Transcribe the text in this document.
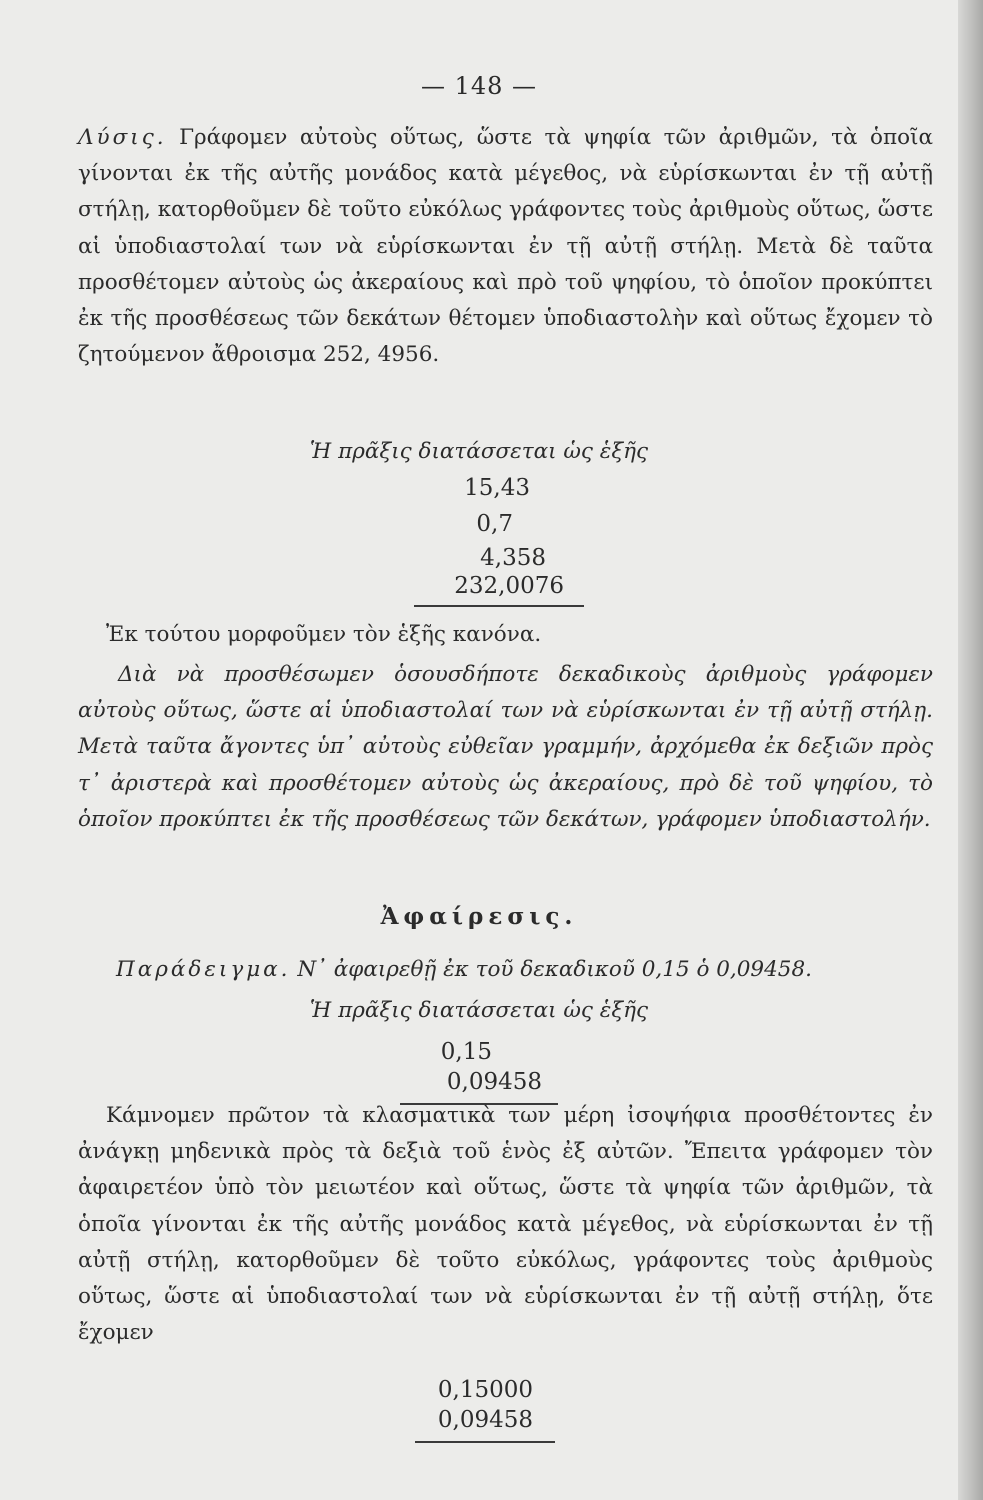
— 148 —
Λύσις. Γράφομεν αὐτοὺς οὕτως, ὥστε τὰ ψηφία τῶν ἀριθμῶν, τὰ ὁποῖα γίνονται ἐκ τῆς αὐτῆς μονάδος κατὰ μέγεθος, νὰ εὑρίσκωνται ἐν τῇ αὐτῇ στήλῃ, κατορθοῦμεν δὲ τοῦτο εὐκόλως γράφοντες τοὺς ἀριθμοὺς οὕτως, ὥστε αἱ ὑποδιαστολαί των νὰ εὑρίσκωνται ἐν τῇ αὐτῇ στήλῃ. Μετὰ δὲ ταῦτα προσθέτομεν αὐτοὺς ὡς ἀκεραίους καὶ πρὸ τοῦ ψηφίου, τὸ ὁποῖον προκύπτει ἐκ τῆς προσθέσεως τῶν δεκάτων θέτομεν ὑποδιαστολὴν καὶ οὕτως ἔχομεν τὸ ζητούμενον ἄθροισμα 252, 4956.
Ἡ πρᾶξις διατάσσεται ὡς ἑξῆς
15,43
0,7
4,358
232,0076
Ἐκ τούτου μορφοῦμεν τὸν ἑξῆς κανόνα.
Διὰ νὰ προσθέσωμεν ὁσουσδήποτε δεκαδικοὺς ἀριθμοὺς γράφομεν αὐτοὺς οὕτως, ὥστε αἱ ὑποδιαστολαί των νὰ εὑρίσκωνται ἐν τῇ αὐτῇ στήλῃ. Μετὰ ταῦτα ἄγοντες ὑπ᾽ αὐτοὺς εὐθεῖαν γραμμήν, ἀρχόμεθα ἐκ δεξιῶν πρὸς τ᾽ ἀριστερὰ καὶ προσθέτομεν αὐτοὺς ὡς ἀκεραίους, πρὸ δὲ τοῦ ψηφίου, τὸ ὁποῖον προκύπτει ἐκ τῆς προσθέσεως τῶν δεκάτων, γράφομεν ὑποδιαστολήν.
Ἀφαίρεσις.
Παράδειγμα. Ν᾽ ἀφαιρεθῇ ἐκ τοῦ δεκαδικοῦ 0,15 ὁ 0,09458.
Ἡ πρᾶξις διατάσσεται ὡς ἑξῆς
0,15
0,09458
Κάμνομεν πρῶτον τὰ κλασματικὰ των μέρη ἰσοψήφια προσθέτοντες ἐν ἀνάγκῃ μηδενικὰ πρὸς τὰ δεξιὰ τοῦ ἑνὸς ἐξ αὐτῶν. Ἔπειτα γράφομεν τὸν ἀφαιρετέον ὑπὸ τὸν μειωτέον καὶ οὕτως, ὥστε τὰ ψηφία τῶν ἀριθμῶν, τὰ ὁποῖα γίνονται ἐκ τῆς αὐτῆς μονάδος κατὰ μέγεθος, νὰ εὑρίσκωνται ἐν τῇ αὐτῇ στήλῃ, κατορθοῦμεν δὲ τοῦτο εὐκόλως, γράφοντες τοὺς ἀριθμοὺς οὕτως, ὥστε αἱ ὑποδιαστολαί των νὰ εὑρίσκωνται ἐν τῇ αὐτῇ στήλῃ, ὅτε ἔχομεν
0,15000
0,09458
